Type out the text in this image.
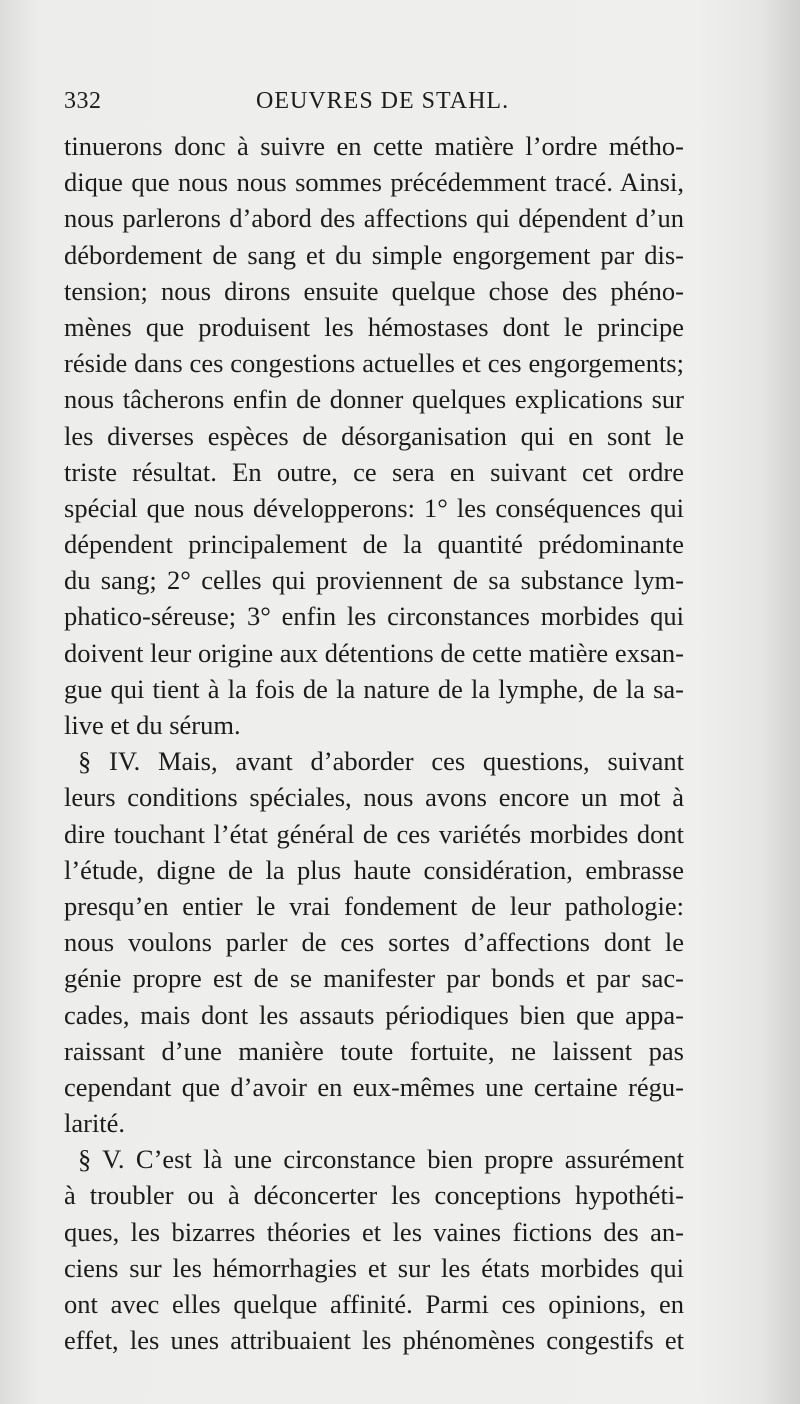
332	OEUVRES DE STAHL.
tinuerons donc à suivre en cette matière l’ordre métho-
dique que nous nous sommes précédemment tracé. Ainsi,
nous parlerons d’abord des affections qui dépendent d’un
débordement de sang et du simple engorgement par dis-
tension; nous dirons ensuite quelque chose des phéno-
mènes que produisent les hémostases dont le principe
réside dans ces congestions actuelles et ces engorgements;
nous tâcherons enfin de donner quelques explications sur
les diverses espèces de désorganisation qui en sont le
triste résultat. En outre, ce sera en suivant cet ordre
spécial que nous développerons: 1° les conséquences qui
dépendent principalement de la quantité prédominante
du sang; 2° celles qui proviennent de sa substance lym-
phatico-séreuse; 3° enfin les circonstances morbides qui
doivent leur origine aux détentions de cette matière exsan-
gue qui tient à la fois de la nature de la lymphe, de la sa-
live et du sérum.
§ IV. Mais, avant d’aborder ces questions, suivant
leurs conditions spéciales, nous avons encore un mot à
dire touchant l’état général de ces variétés morbides dont
l’étude, digne de la plus haute considération, embrasse
presqu’en entier le vrai fondement de leur pathologie:
nous voulons parler de ces sortes d’affections dont le
génie propre est de se manifester par bonds et par sac-
cades, mais dont les assauts périodiques bien que appa-
raissant d’une manière toute fortuite, ne laissent pas
cependant que d’avoir en eux-mêmes une certaine régu-
larité.
§ V. C’est là une circonstance bien propre assurément
à troubler ou à déconcerter les conceptions hypothéti-
ques, les bizarres théories et les vaines fictions des an-
ciens sur les hémorrhagies et sur les états morbides qui
ont avec elles quelque affinité. Parmi ces opinions, en
effet, les unes attribuaient les phénomènes congestifs et
